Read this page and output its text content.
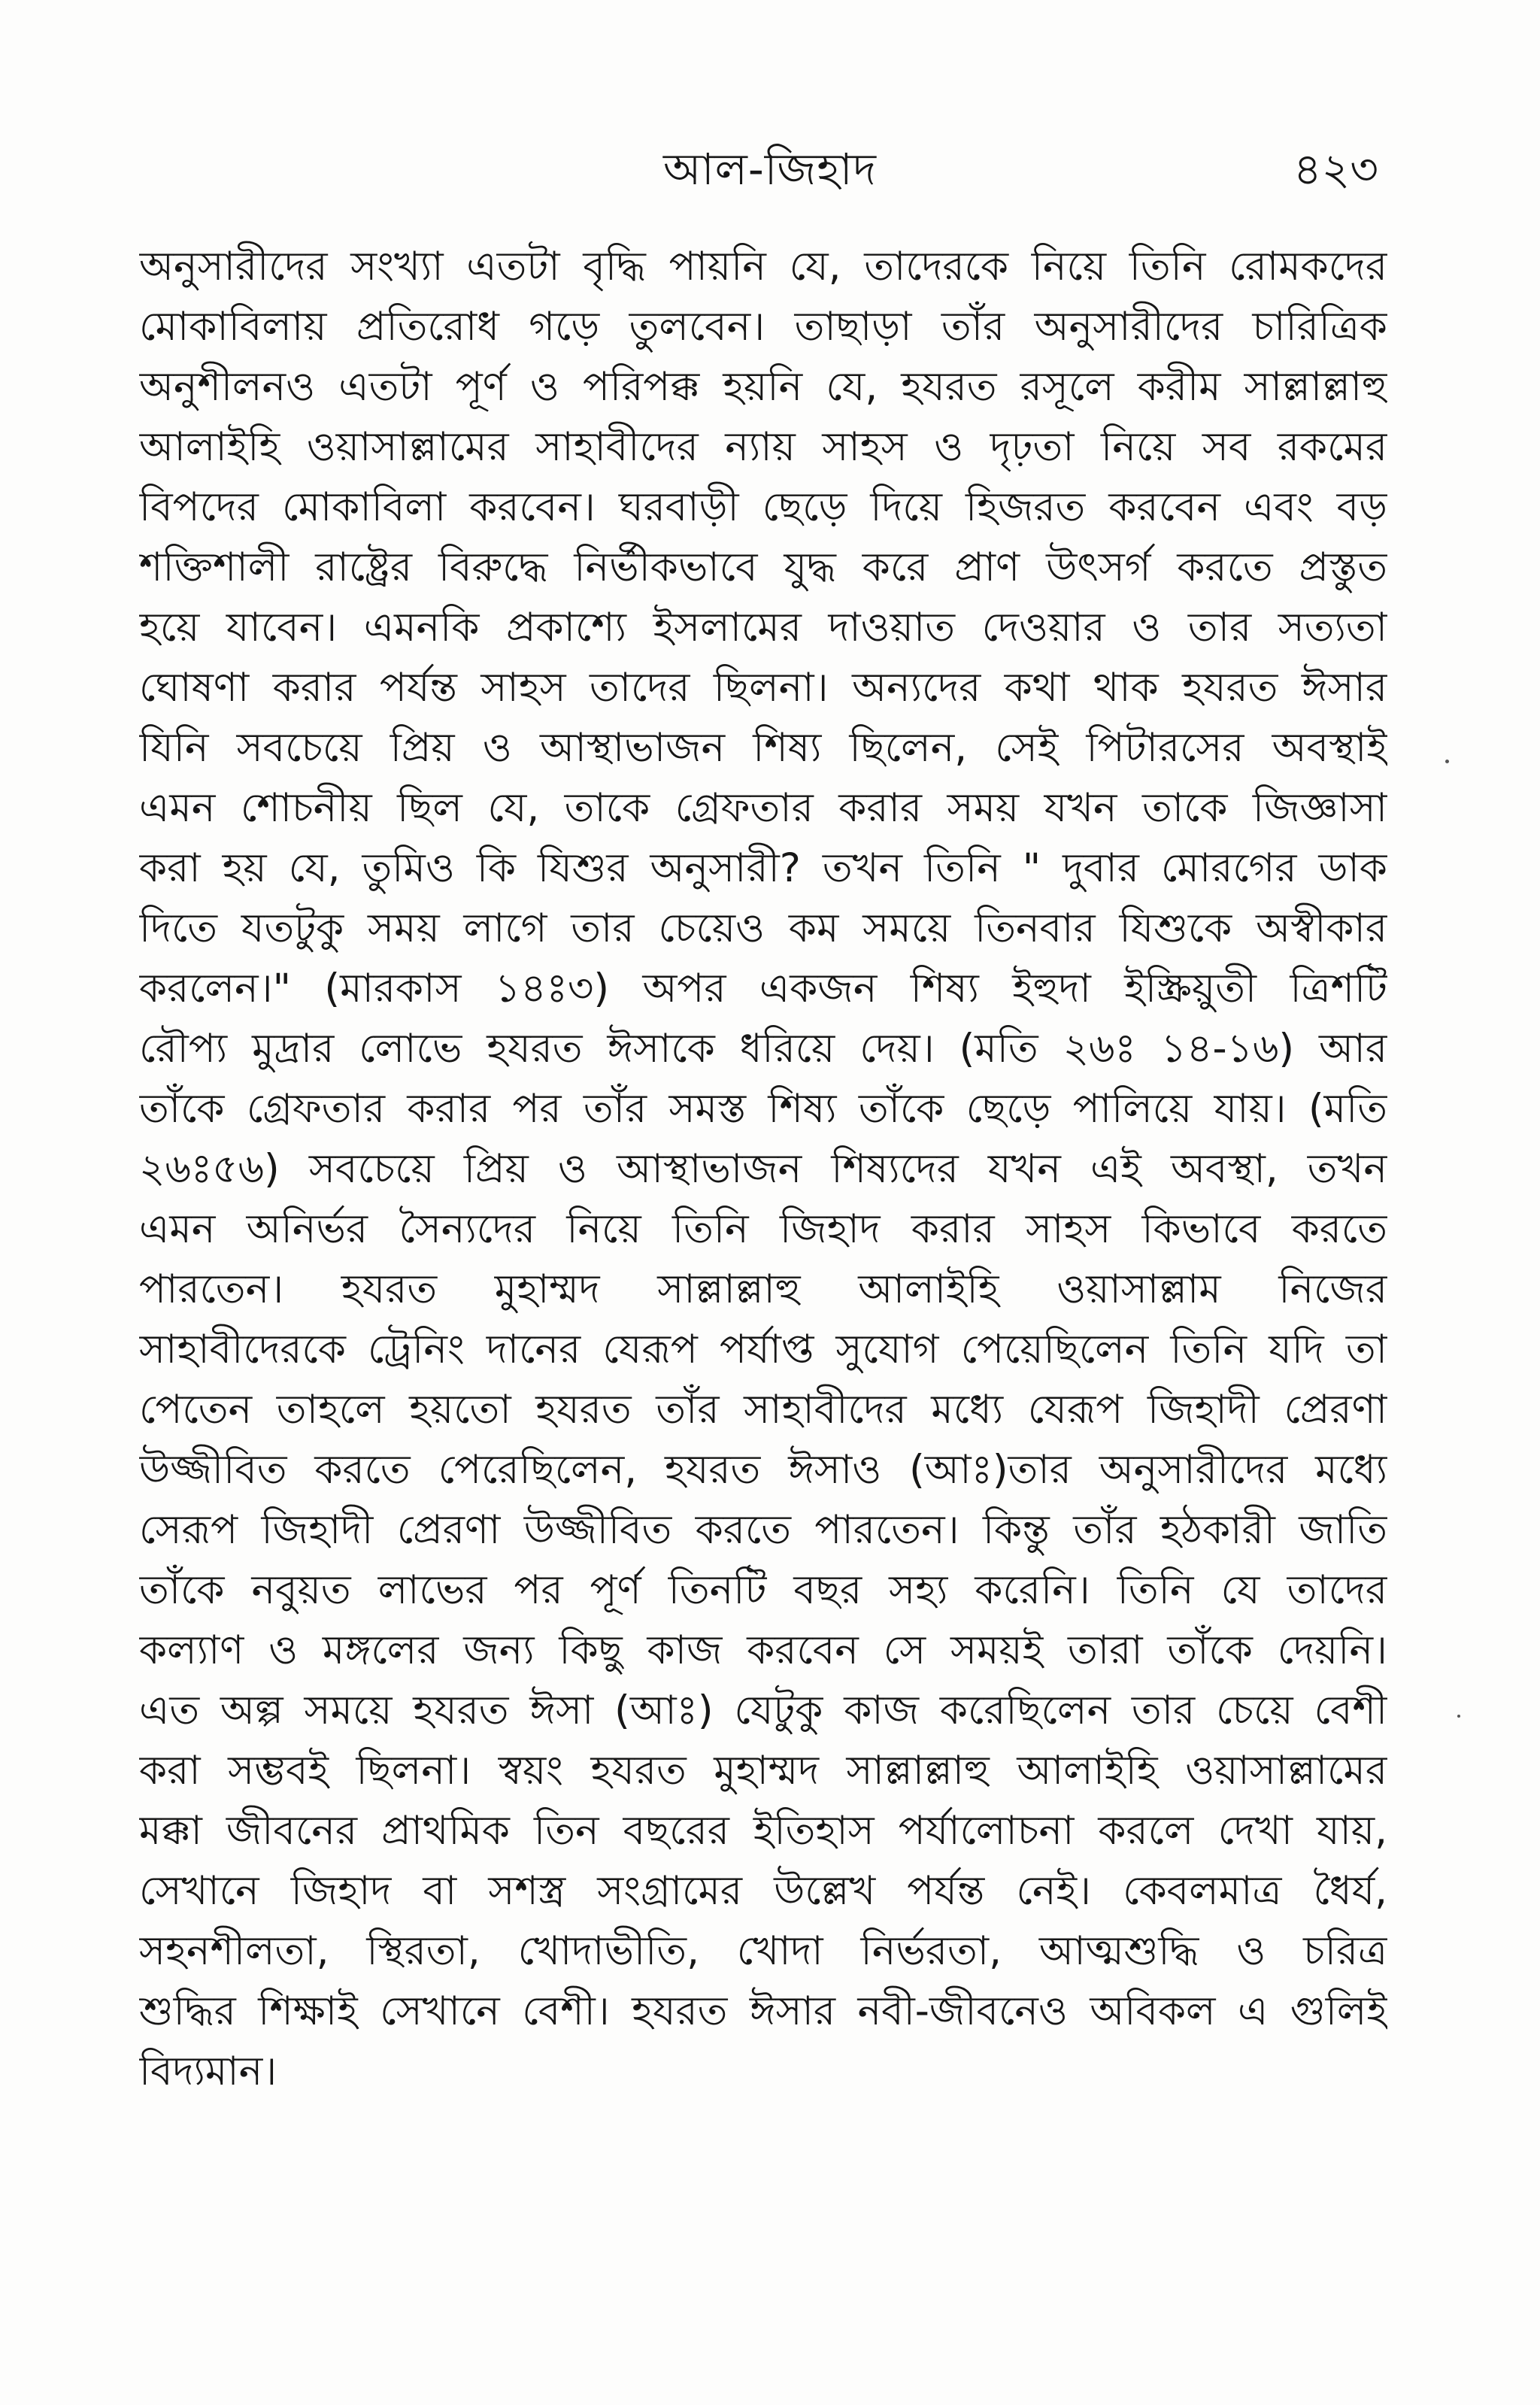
আল-জিহাদ	৪২৩
অনুসারীদের সংখ্যা এতটা বৃদ্ধি পায়নি যে, তাদেরকে নিয়ে তিনি রোমকদের
মোকাবিলায় প্রতিরোধ গড়ে তুলবেন। তাছাড়া তাঁর অনুসারীদের চারিত্রিক
অনুশীলনও এতটা পূর্ণ ও পরিপক্ক হয়নি যে, হযরত রসূলে করীম সাল্লাল্লাহু
আলাইহি ওয়াসাল্লামের সাহাবীদের ন্যায় সাহস ও দৃঢ়তা নিয়ে সব রকমের
বিপদের মোকাবিলা করবেন। ঘরবাড়ী ছেড়ে দিয়ে হিজরত করবেন এবং বড়
শক্তিশালী রাষ্ট্রের বিরুদ্ধে নির্ভীকভাবে যুদ্ধ করে প্রাণ উৎসর্গ করতে প্রস্তুত
হয়ে যাবেন। এমনকি প্রকাশ্যে ইসলামের দাওয়াত দেওয়ার ও তার সত্যতা
ঘোষণা করার পর্যন্ত সাহস তাদের ছিলনা। অন্যদের কথা থাক হযরত ঈসার
যিনি সবচেয়ে প্রিয় ও আস্থাভাজন শিষ্য ছিলেন, সেই পিটারসের অবস্থাই
এমন শোচনীয় ছিল যে, তাকে গ্রেফতার করার সময় যখন তাকে জিজ্ঞাসা
করা হয় যে, তুমিও কি যিশুর অনুসারী? তখন তিনি " দুবার মোরগের ডাক
দিতে যতটুকু সময় লাগে তার চেয়েও কম সময়ে তিনবার যিশুকে অস্বীকার
করলেন।" (মারকাস ১৪ঃ৩) অপর একজন শিষ্য ইহুদা ইস্ক্রিয়ুতী ত্রিশটি
রৌপ্য মুদ্রার লোভে হযরত ঈসাকে ধরিয়ে দেয়। (মতি ২৬ঃ ১৪-১৬) আর
তাঁকে গ্রেফতার করার পর তাঁর সমস্ত শিষ্য তাঁকে ছেড়ে পালিয়ে যায়। (মতি
২৬ঃ৫৬) সবচেয়ে প্রিয় ও আস্থাভাজন শিষ্যদের যখন এই অবস্থা, তখন
এমন অনির্ভর সৈন্যদের নিয়ে তিনি জিহাদ করার সাহস কিভাবে করতে
পারতেন। হযরত মুহাম্মদ সাল্লাল্লাহু আলাইহি ওয়াসাল্লাম নিজের
সাহাবীদেরকে ট্রেনিং দানের যেরূপ পর্যাপ্ত সুযোগ পেয়েছিলেন তিনি যদি তা
পেতেন তাহলে হয়তো হযরত তাঁর সাহাবীদের মধ্যে যেরূপ জিহাদী প্রেরণা
উজ্জীবিত করতে পেরেছিলেন, হযরত ঈসাও (আঃ)তার অনুসারীদের মধ্যে
সেরূপ জিহাদী প্রেরণা উজ্জীবিত করতে পারতেন। কিন্তু তাঁর হঠকারী জাতি
তাঁকে নবুয়ত লাভের পর পূর্ণ তিনটি বছর সহ্য করেনি। তিনি যে তাদের
কল্যাণ ও মঙ্গলের জন্য কিছু কাজ করবেন সে সময়ই তারা তাঁকে দেয়নি।
এত অল্প সময়ে হযরত ঈসা (আঃ) যেটুকু কাজ করেছিলেন তার চেয়ে বেশী
করা সম্ভবই ছিলনা। স্বয়ং হযরত মুহাম্মদ সাল্লাল্লাহু আলাইহি ওয়াসাল্লামের
মক্কা জীবনের প্রাথমিক তিন বছরের ইতিহাস পর্যালোচনা করলে দেখা যায়,
সেখানে জিহাদ বা সশস্ত্র সংগ্রামের উল্লেখ পর্যন্ত নেই। কেবলমাত্র ধৈর্য,
সহনশীলতা, স্থিরতা, খোদাভীতি, খোদা নির্ভরতা, আত্মশুদ্ধি ও চরিত্র
শুদ্ধির শিক্ষাই সেখানে বেশী। হযরত ঈসার নবী-জীবনেও অবিকল এ গুলিই
বিদ্যমান।
